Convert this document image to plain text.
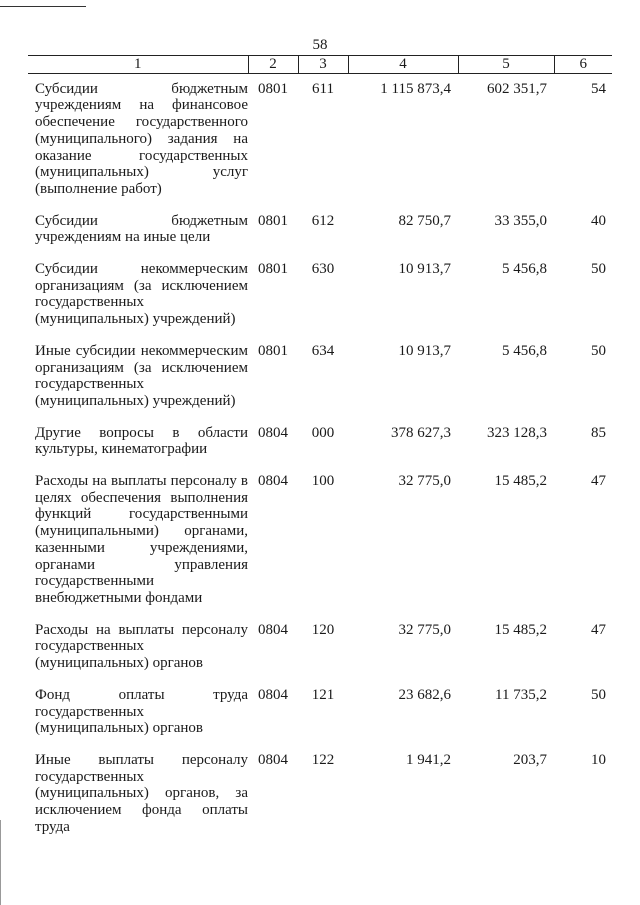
58
1	2	3	4	5	6
Субсидии бюджетным учреждениям на финансовое обеспечение государственного (муниципального) задания на оказание государственных (муниципальных) услуг (выполнение работ)	0801	611	1 115 873,4	602 351,7	54
Субсидии бюджетным учреждениям на иные цели	0801	612	82 750,7	33 355,0	40
Субсидии некоммерческим организациям (за исключением государственных (муниципальных) учреждений)	0801	630	10 913,7	5 456,8	50
Иные субсидии некоммерческим организациям (за исключением государственных (муниципальных) учреждений)	0801	634	10 913,7	5 456,8	50
Другие вопросы в области культуры, кинематографии	0804	000	378 627,3	323 128,3	85
Расходы на выплаты персоналу в целях обеспечения выполнения функций государственными (муниципальными) органами, казенными учреждениями, органами управления государственными внебюджетными фондами	0804	100	32 775,0	15 485,2	47
Расходы на выплаты персоналу государственных (муниципальных) органов	0804	120	32 775,0	15 485,2	47
Фонд оплаты труда государственных (муниципальных) органов	0804	121	23 682,6	11 735,2	50
Иные выплаты персоналу государственных (муниципальных) органов, за исключением фонда оплаты труда	0804	122	1 941,2	203,7	10
